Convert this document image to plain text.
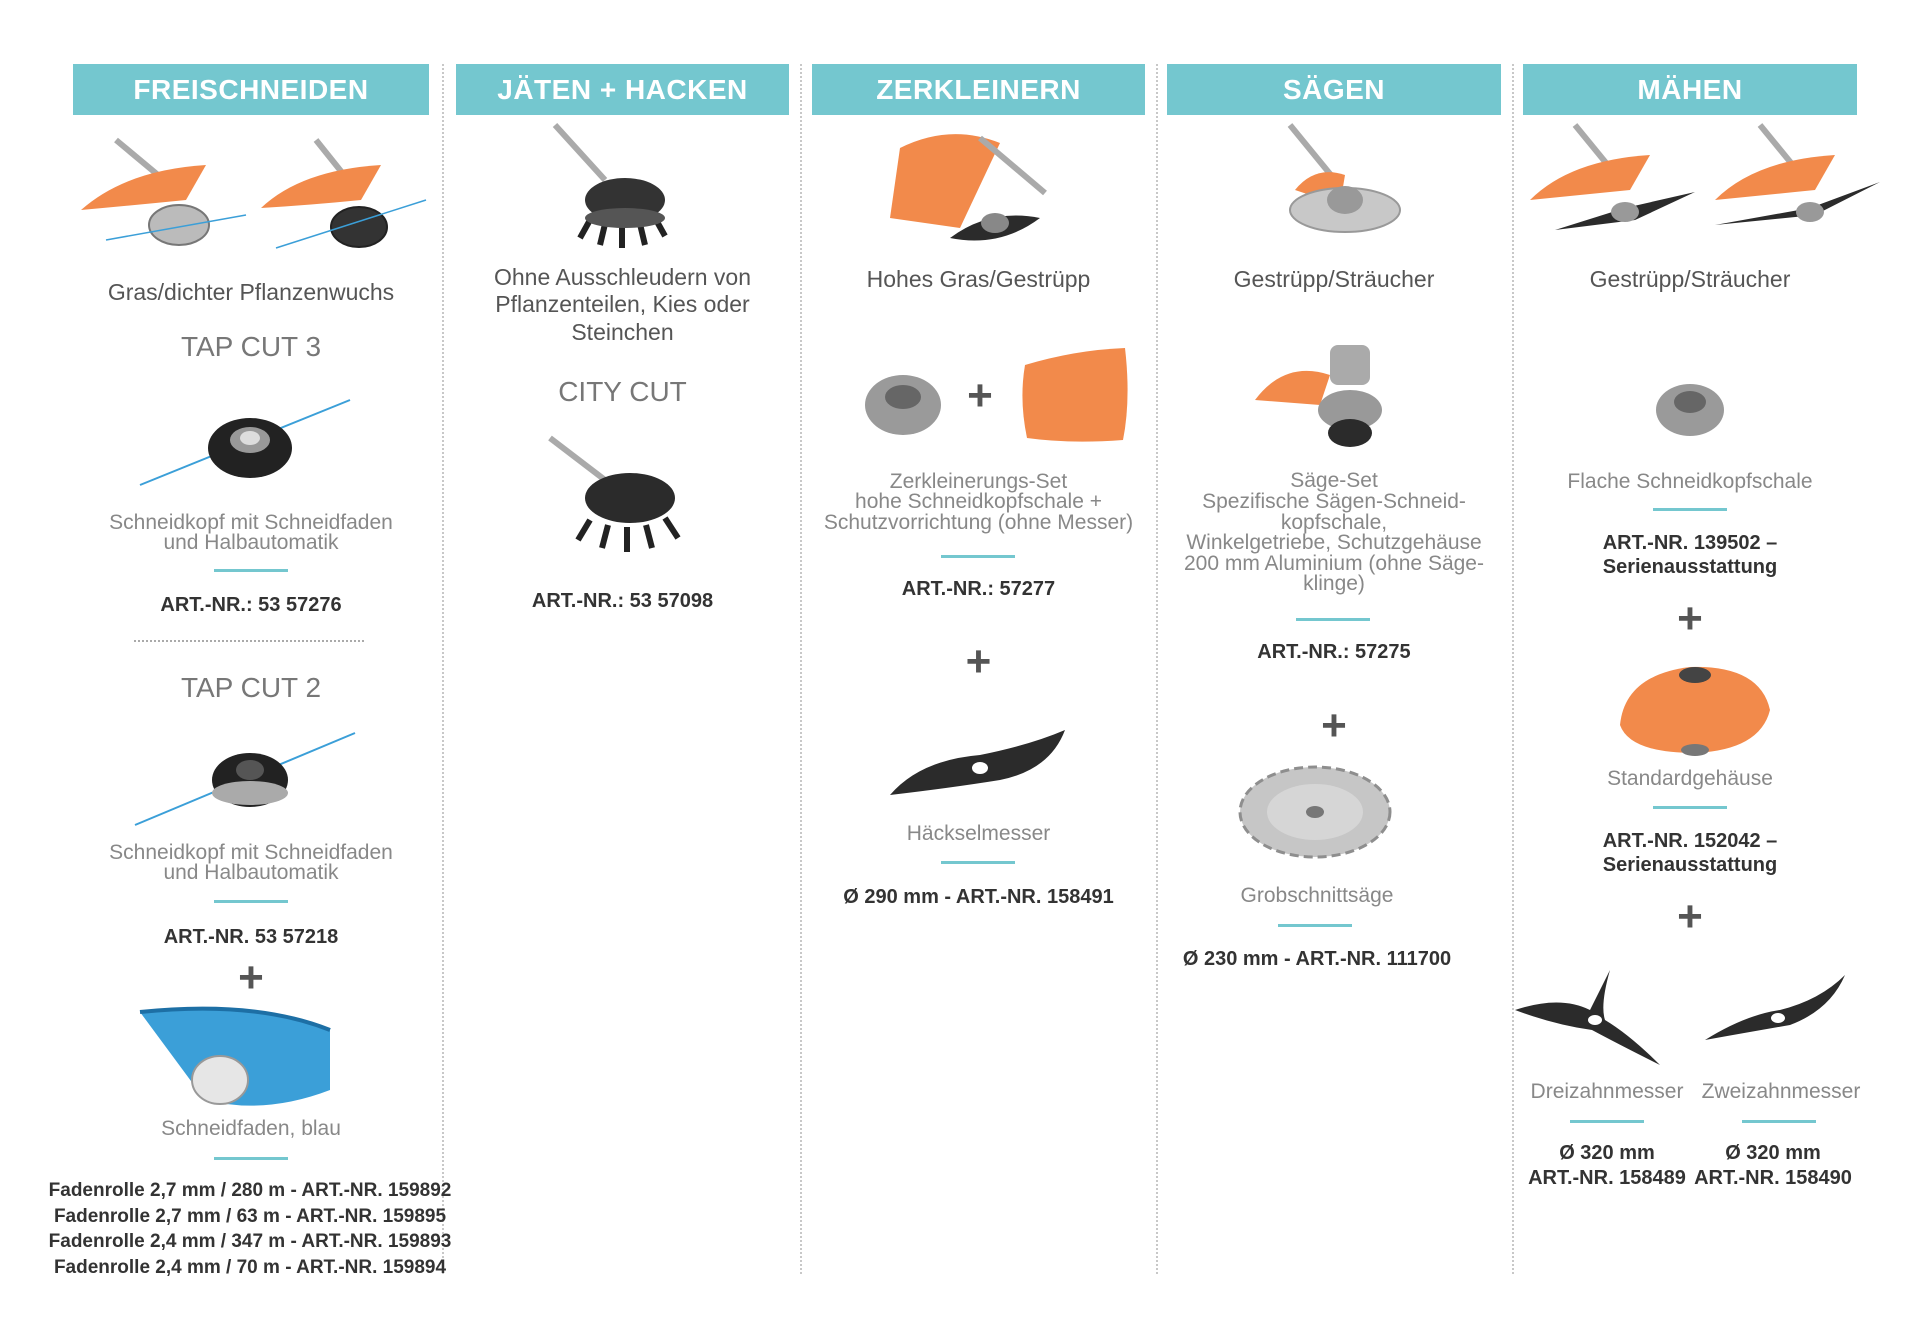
FREISCHNEIDEN	JÄTEN + HACKEN	ZERKLEINERN	SÄGEN	MÄHEN
Gras/dichter Pflanzenwuchs
TAP CUT 3
Schneidkopf mit Schneidfaden
und Halbautomatik
ART.-NR.: 53 57276
TAP CUT 2
Schneidkopf mit Schneidfaden
und Halbautomatik
ART.-NR. 53 57218
+
Schneidfaden, blau
Fadenrolle 2,7 mm / 280 m - ART.-NR. 159892
Fadenrolle 2,7 mm / 63 m - ART.-NR. 159895
Fadenrolle 2,4 mm / 347 m - ART.-NR. 159893
Fadenrolle 2,4 mm / 70 m - ART.-NR. 159894
Ohne Ausschleudern von
Pflanzenteilen, Kies oder
Steinchen
CITY CUT
ART.-NR.: 53 57098
Hohes Gras/Gestrüpp
+
Zerkleinerungs-Set
hohe Schneidkopfschale +
Schutzvorrichtung (ohne Messer)
ART.-NR.: 57277
+
Häckselmesser
Ø 290 mm - ART.-NR. 158491
Gestrüpp/Sträucher
Säge-Set
Spezifische Sägen-Schneid-
kopfschale,
Winkelgetriebe, Schutzgehäuse
200 mm Aluminium (ohne Säge-
klinge)
ART.-NR.: 57275
+
Grobschnittsäge
Ø 230 mm - ART.-NR. 111700
Gestrüpp/Sträucher
Flache Schneidkopfschale
ART.-NR. 139502 – Serienausstattung
+
Standardgehäuse
ART.-NR. 152042 – Serienausstattung
+
Dreizahnmesser Zweizahnmesser
Ø 320 mm
ART.-NR. 158489
Ø 320 mm
ART.-NR. 158490
